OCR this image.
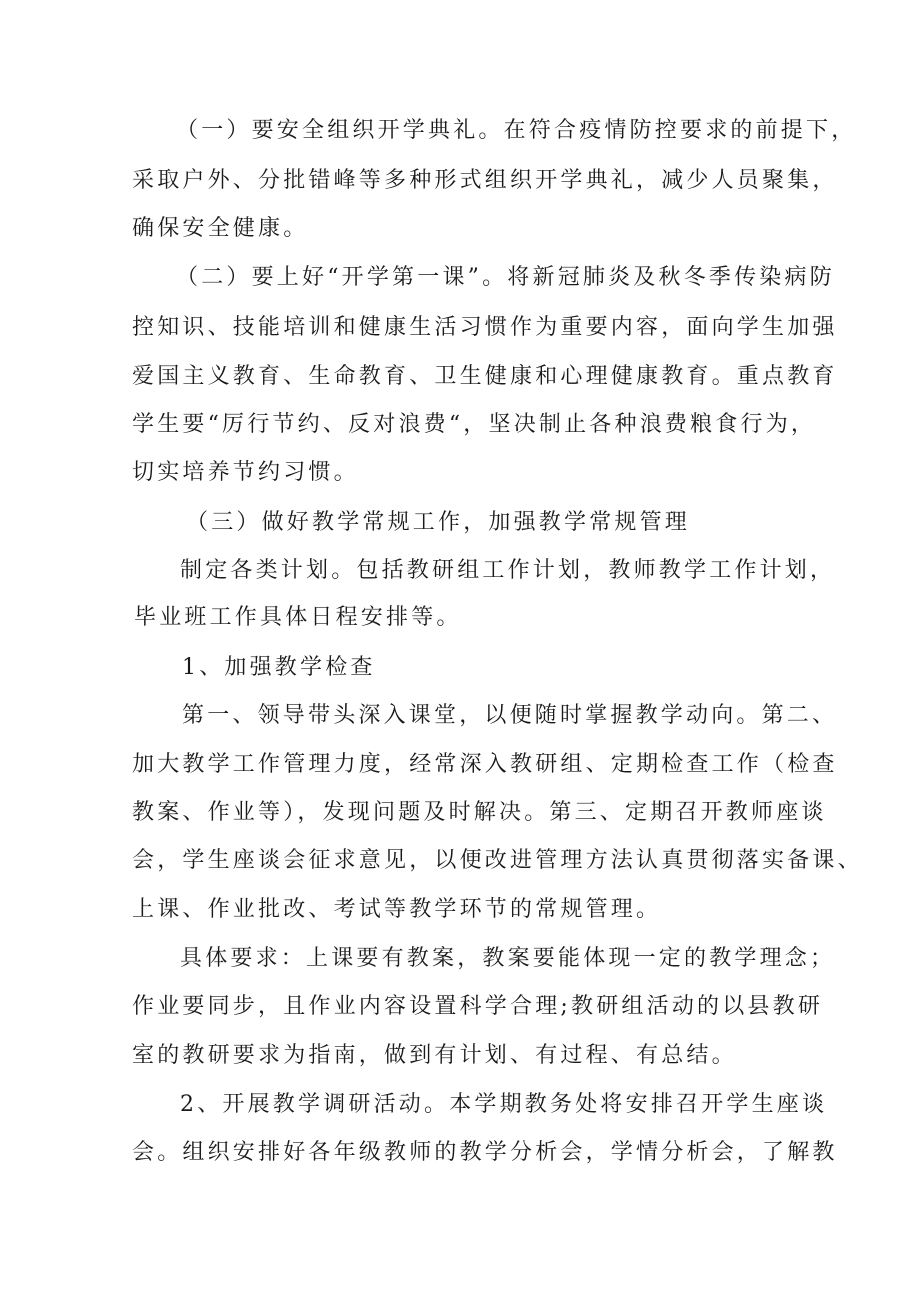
（一）要安全组织开学典礼。在符合疫情防控要求的前提下，

采取户外、分批错峰等多种形式组织开学典礼，减少人员聚集，

确保安全健康。

（二）要上好“开学第一课”。将新冠肺炎及秋冬季传染病防

控知识、技能培训和健康生活习惯作为重要内容，面向学生加强

爱国主义教育、生命教育、卫生健康和心理健康教育。重点教育

学生要“厉行节约、反对浪费“，坚决制止各种浪费粮食行为，

切实培养节约习惯。

（三）做好教学常规工作，加强教学常规管理

制定各类计划。包括教研组工作计划，教师教学工作计划，

毕业班工作具体日程安排等。

1、加强教学检查

第一、领导带头深入课堂，以便随时掌握教学动向。第二、

加大教学工作管理力度，经常深入教研组、定期检查工作（检查

教案、作业等），发现问题及时解决。第三、定期召开教师座谈

会，学生座谈会征求意见，以便改进管理方法认真贯彻落实备课、

上课、作业批改、考试等教学环节的常规管理。

具体要求：上课要有教案，教案要能体现一定的教学理念；

作业要同步，且作业内容设置科学合理;教研组活动的以县教研

室的教研要求为指南，做到有计划、有过程、有总结。

2、开展教学调研活动。本学期教务处将安排召开学生座谈

会。组织安排好各年级教师的教学分析会，学情分析会，了解教
